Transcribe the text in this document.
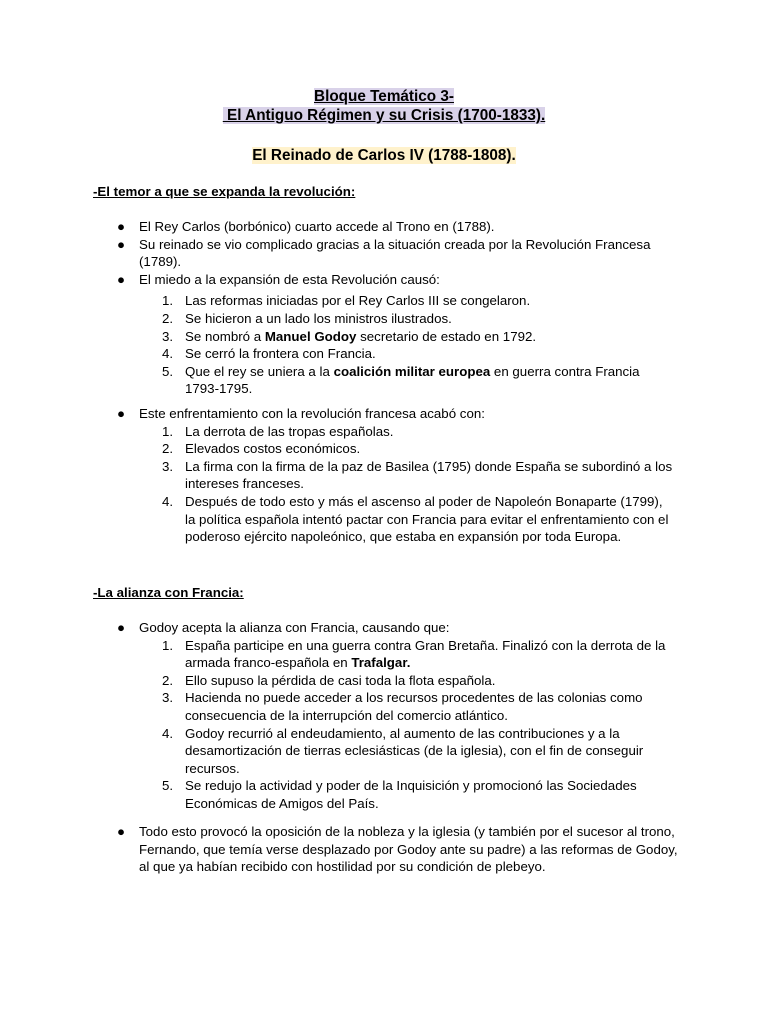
Bloque Temático 3-
El Antiguo Régimen y su Crisis (1700-1833).
El Reinado de Carlos IV (1788-1808).
-El temor a que se expanda la revolución:
● El Rey Carlos (borbónico) cuarto accede al Trono en (1788).
● Su reinado se vio complicado gracias a la situación creada por la Revolución Francesa (1789).
● El miedo a la expansión de esta Revolución causó:
1. Las reformas iniciadas por el Rey Carlos III se congelaron.
2. Se hicieron a un lado los ministros ilustrados.
3. Se nombró a Manuel Godoy secretario de estado en 1792.
4. Se cerró la frontera con Francia.
5. Que el rey se uniera a la coalición militar europea en guerra contra Francia 1793-1795.
● Este enfrentamiento con la revolución francesa acabó con:
1. La derrota de las tropas españolas.
2. Elevados costos económicos.
3. La firma con la firma de la paz de Basilea (1795) donde España se subordinó a los intereses franceses.
4. Después de todo esto y más el ascenso al poder de Napoleón Bonaparte (1799), la política española intentó pactar con Francia para evitar el enfrentamiento con el poderoso ejército napoleónico, que estaba en expansión por toda Europa.
-La alianza con Francia:
● Godoy acepta la alianza con Francia, causando que:
1. España participe en una guerra contra Gran Bretaña. Finalizó con la derrota de la armada franco-española en Trafalgar.
2. Ello supuso la pérdida de casi toda la flota española.
3. Hacienda no puede acceder a los recursos procedentes de las colonias como consecuencia de la interrupción del comercio atlántico.
4. Godoy recurrió al endeudamiento, al aumento de las contribuciones y a la desamortización de tierras eclesiásticas (de la iglesia), con el fin de conseguir recursos.
5. Se redujo la actividad y poder de la Inquisición y promocionó las Sociedades Económicas de Amigos del País.
● Todo esto provocó la oposición de la nobleza y la iglesia (y también por el sucesor al trono, Fernando, que temía verse desplazado por Godoy ante su padre) a las reformas de Godoy, al que ya habían recibido con hostilidad por su condición de plebeyo.
